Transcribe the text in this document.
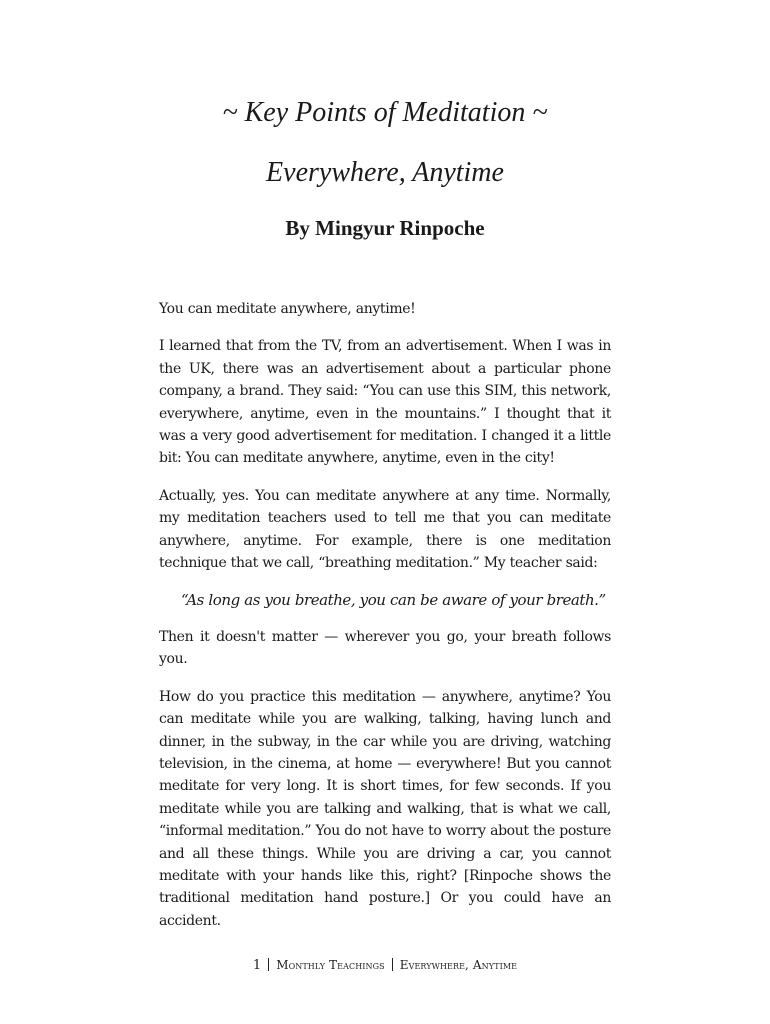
~ Key Points of Meditation ~
Everywhere, Anytime
By Mingyur Rinpoche

You can meditate anywhere, anytime!

I learned that from the TV, from an advertisement. When I was in the UK, there was an advertisement about a particular phone company, a brand. They said: “You can use this SIM, this network, everywhere, anytime, even in the mountains.” I thought that it was a very good advertisement for meditation. I changed it a little bit: You can meditate anywhere, anytime, even in the city!

Actually, yes. You can meditate anywhere at any time. Normally, my meditation teachers used to tell me that you can meditate anywhere, anytime. For example, there is one meditation technique that we call, “breathing meditation.” My teacher said:

“As long as you breathe, you can be aware of your breath.”

Then it doesn't matter — wherever you go, your breath follows you.

How do you practice this meditation — anywhere, anytime? You can meditate while you are walking, talking, having lunch and dinner, in the subway, in the car while you are driving, watching television, in the cinema, at home — everywhere! But you cannot meditate for very long. It is short times, for few seconds. If you meditate while you are talking and walking, that is what we call, “informal meditation.” You do not have to worry about the posture and all these things. While you are driving a car, you cannot meditate with your hands like this, right? [Rinpoche shows the traditional meditation hand posture.] Or you could have an accident.

1 Monthly Teachings Everywhere, Anytime
